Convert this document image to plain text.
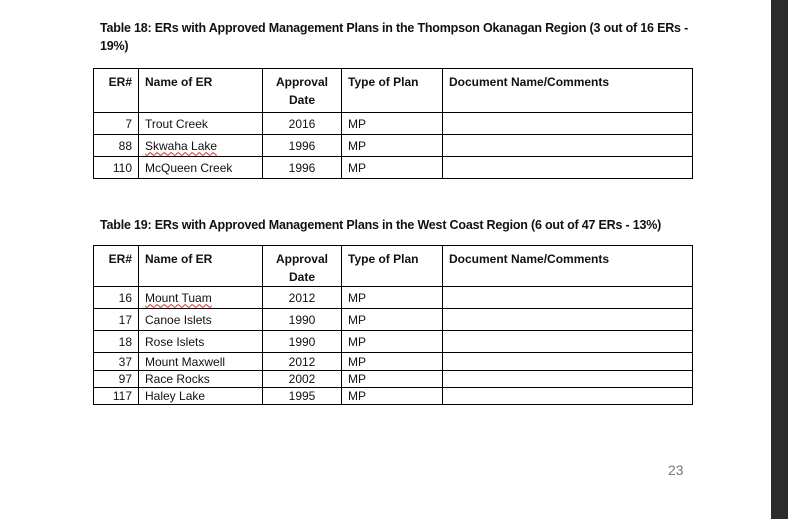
Table 18: ERs with Approved Management Plans in the Thompson Okanagan Region (3 out of 16 ERs - 19%)
ER#	Name of ER	Approval Date	Type of Plan	Document Name/Comments
7	Trout Creek	2016	MP	
88	Skwaha Lake	1996	MP	
110	McQueen Creek	1996	MP	
Table 19: ERs with Approved Management Plans in the West Coast Region (6 out of 47 ERs - 13%)
ER#	Name of ER	Approval Date	Type of Plan	Document Name/Comments
16	Mount Tuam	2012	MP	
17	Canoe Islets	1990	MP	
18	Rose Islets	1990	MP	
37	Mount Maxwell	2012	MP	
97	Race Rocks	2002	MP	
117	Haley Lake	1995	MP	
23
